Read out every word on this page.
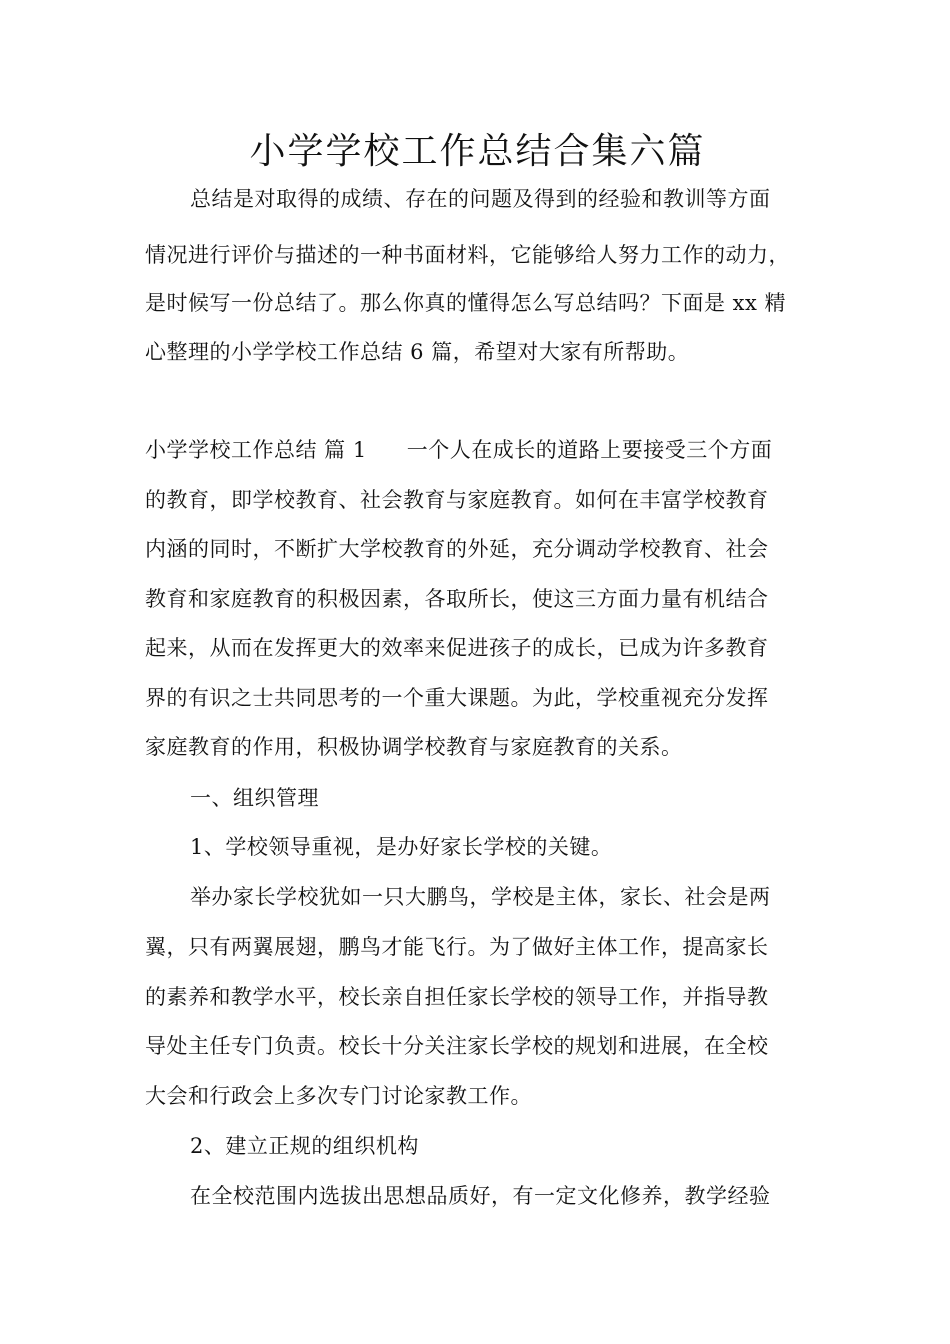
小学学校工作总结合集六篇
总结是对取得的成绩、存在的问题及得到的经验和教训等方面
情况进行评价与描述的一种书面材料，它能够给人努力工作的动力，
是时候写一份总结了。那么你真的懂得怎么写总结吗？下面是 xx 精
心整理的小学学校工作总结 6 篇，希望对大家有所帮助。
小学学校工作总结 篇 1 一个人在成长的道路上要接受三个方面
的教育，即学校教育、社会教育与家庭教育。如何在丰富学校教育
内涵的同时，不断扩大学校教育的外延，充分调动学校教育、社会
教育和家庭教育的积极因素，各取所长，使这三方面力量有机结合
起来，从而在发挥更大的效率来促进孩子的成长，已成为许多教育
界的有识之士共同思考的一个重大课题。为此，学校重视充分发挥
家庭教育的作用，积极协调学校教育与家庭教育的关系。
一、组织管理
1、学校领导重视，是办好家长学校的关键。
举办家长学校犹如一只大鹏鸟，学校是主体，家长、社会是两
翼，只有两翼展翅，鹏鸟才能飞行。为了做好主体工作，提高家长
的素养和教学水平，校长亲自担任家长学校的领导工作，并指导教
导处主任专门负责。校长十分关注家长学校的规划和进展，在全校
大会和行政会上多次专门讨论家教工作。
2、建立正规的组织机构
在全校范围内选拔出思想品质好，有一定文化修养，教学经验
